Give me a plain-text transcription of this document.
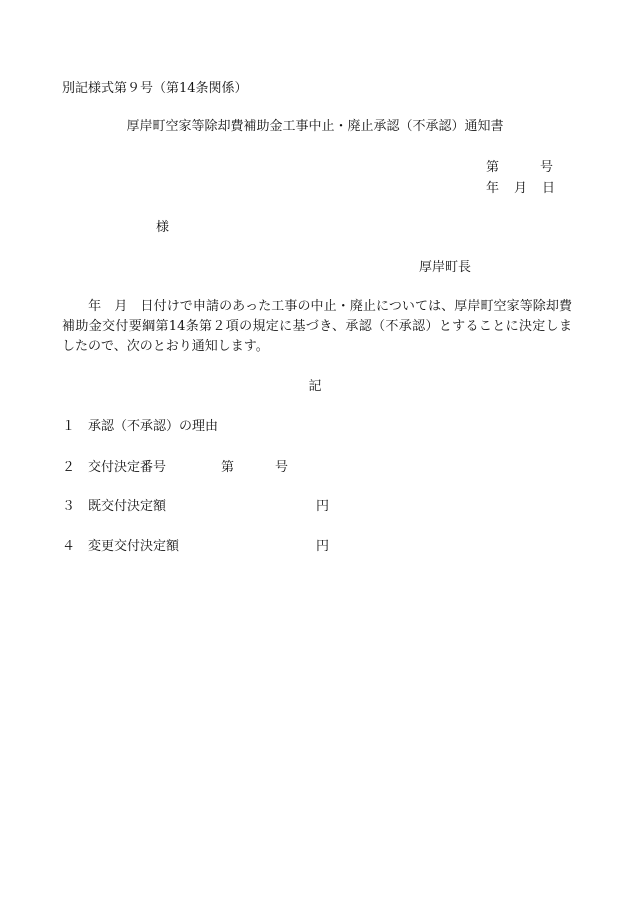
別記様式第９号（第14条関係）
厚岸町空家等除却費補助金工事中止・廃止承認（不承認）通知書
第	号
年 月 日
様
厚岸町長
　　年　月　日付けで申請のあった工事の中止・廃止については、厚岸町空家等除却費補助金交付要綱第14条第２項の規定に基づき、承認（不承認）とすることに決定しましたので、次のとおり通知します。
記
１ 承認（不承認）の理由
２ 交付決定番号	第	号
３ 既交付決定額	円
４ 変更交付決定額	円
